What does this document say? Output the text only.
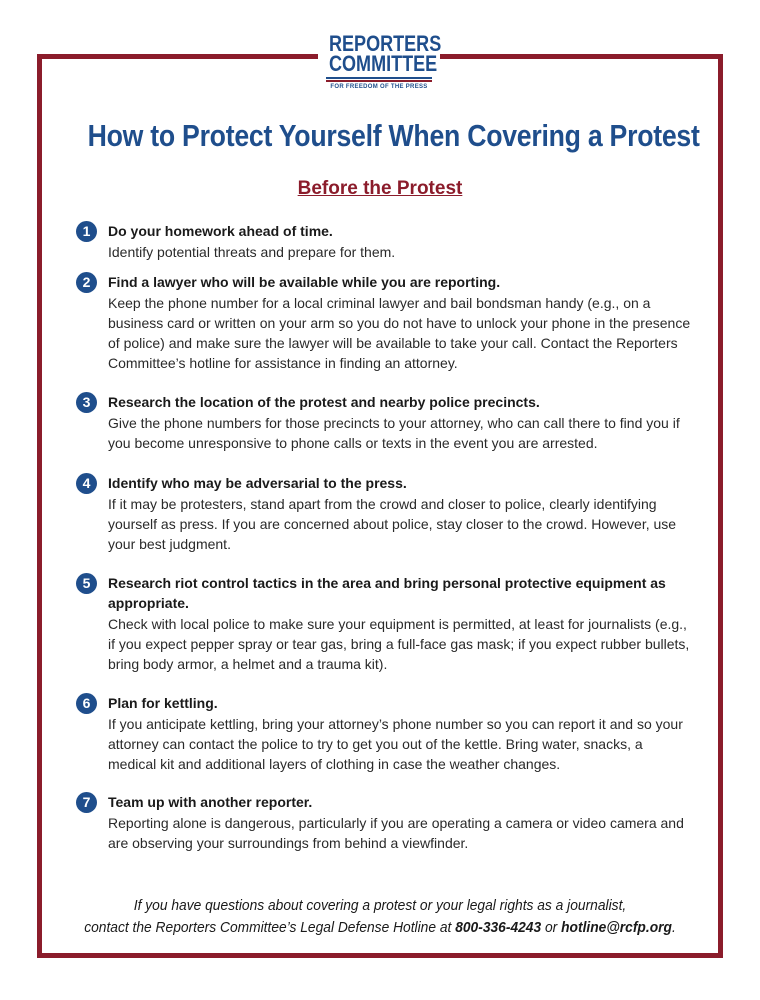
REPORTERS
COMMITTEE
FOR FREEDOM OF THE PRESS
How to Protect Yourself When Covering a Protest
Before the Protest
1	Do your homework ahead of time.
Identify potential threats and prepare for them.
2	Find a lawyer who will be available while you are reporting.
Keep the phone number for a local criminal lawyer and bail bondsman handy (e.g., on a business card or written on your arm so you do not have to unlock your phone in the presence of police) and make sure the lawyer will be available to take your call. Contact the Reporters Committee’s hotline for assistance in finding an attorney.
3	Research the location of the protest and nearby police precincts.
Give the phone numbers for those precincts to your attorney, who can call there to find you if you become unresponsive to phone calls or texts in the event you are arrested.
4	Identify who may be adversarial to the press.
If it may be protesters, stand apart from the crowd and closer to police, clearly identifying yourself as press. If you are concerned about police, stay closer to the crowd. However, use your best judgment.
5	Research riot control tactics in the area and bring personal protective equipment as appropriate.
Check with local police to make sure your equipment is permitted, at least for journalists (e.g., if you expect pepper spray or tear gas, bring a full-face gas mask; if you expect rubber bullets, bring body armor, a helmet and a trauma kit).
6	Plan for kettling.
If you anticipate kettling, bring your attorney’s phone number so you can report it and so your attorney can contact the police to try to get you out of the kettle. Bring water, snacks, a medical kit and additional layers of clothing in case the weather changes.
7	Team up with another reporter.
Reporting alone is dangerous, particularly if you are operating a camera or video camera and are observing your surroundings from behind a viewfinder.
If you have questions about covering a protest or your legal rights as a journalist,
contact the Reporters Committee’s Legal Defense Hotline at 800-336-4243 or hotline@rcfp.org.
